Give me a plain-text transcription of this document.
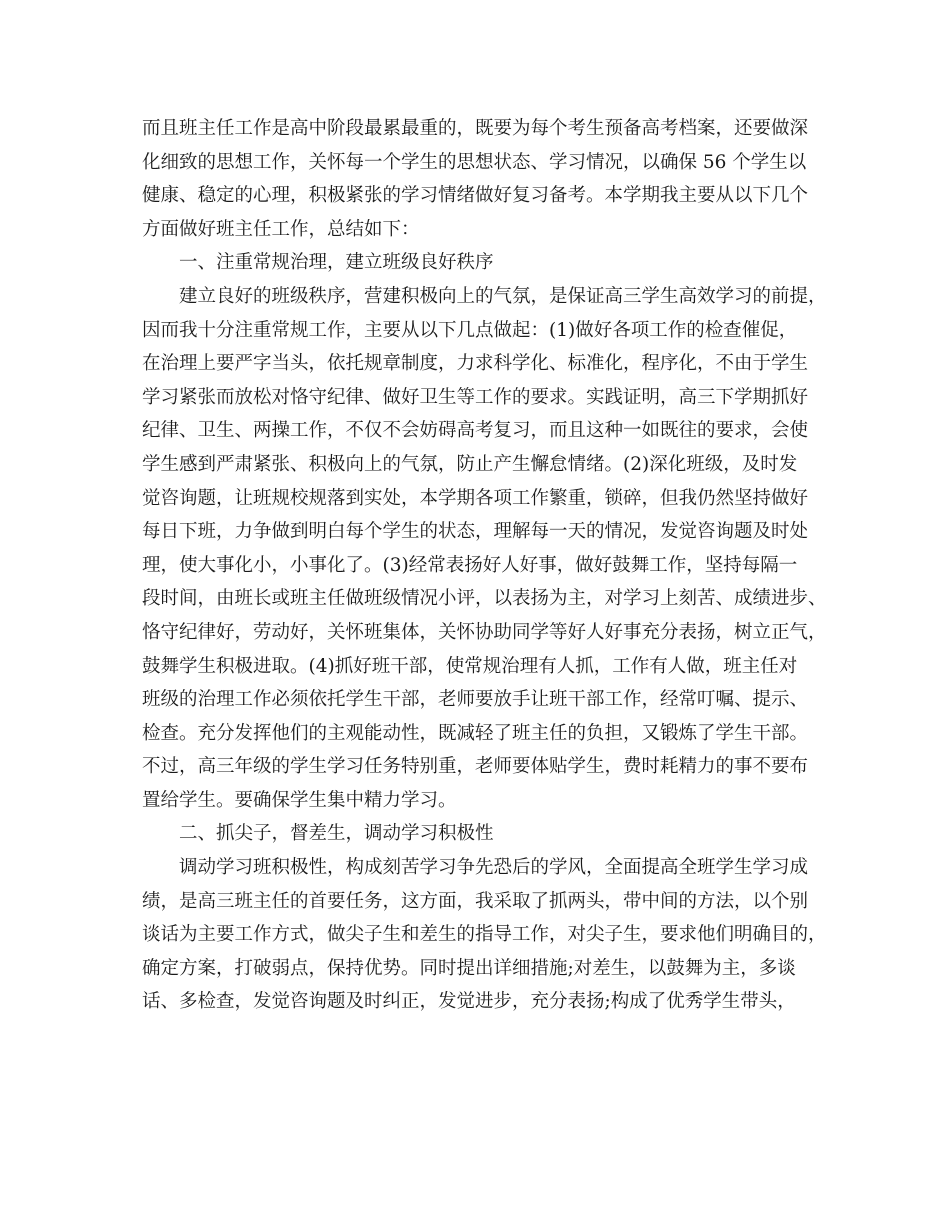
而且班主任工作是高中阶段最累最重的，既要为每个考生预备高考档案，还要做深
化细致的思想工作，关怀每一个学生的思想状态、学习情况，以确保 56 个学生以
健康、稳定的心理，积极紧张的学习情绪做好复习备考。本学期我主要从以下几个
方面做好班主任工作，总结如下：
一、注重常规治理，建立班级良好秩序
建立良好的班级秩序，营建积极向上的气氛，是保证高三学生高效学习的前提，
因而我十分注重常规工作，主要从以下几点做起：(1)做好各项工作的检查催促，
在治理上要严字当头，依托规章制度，力求科学化、标准化，程序化，不由于学生
学习紧张而放松对恪守纪律、做好卫生等工作的要求。实践证明，高三下学期抓好
纪律、卫生、两操工作，不仅不会妨碍高考复习，而且这种一如既往的要求，会使
学生感到严肃紧张、积极向上的气氛，防止产生懈怠情绪。(2)深化班级，及时发
觉咨询题，让班规校规落到实处，本学期各项工作繁重，锁碎，但我仍然坚持做好
每日下班，力争做到明白每个学生的状态，理解每一天的情况，发觉咨询题及时处
理，使大事化小，小事化了。(3)经常表扬好人好事，做好鼓舞工作，坚持每隔一
段时间，由班长或班主任做班级情况小评，以表扬为主，对学习上刻苦、成绩进步、
恪守纪律好，劳动好，关怀班集体，关怀协助同学等好人好事充分表扬，树立正气，
鼓舞学生积极进取。(4)抓好班干部，使常规治理有人抓，工作有人做，班主任对
班级的治理工作必须依托学生干部，老师要放手让班干部工作，经常叮嘱、提示、
检查。充分发挥他们的主观能动性，既减轻了班主任的负担，又锻炼了学生干部。
不过，高三年级的学生学习任务特别重，老师要体贴学生，费时耗精力的事不要布
置给学生。要确保学生集中精力学习。
二、抓尖子，督差生，调动学习积极性
调动学习班积极性，构成刻苦学习争先恐后的学风，全面提高全班学生学习成
绩，是高三班主任的首要任务，这方面，我采取了抓两头，带中间的方法，以个别
谈话为主要工作方式，做尖子生和差生的指导工作，对尖子生，要求他们明确目的，
确定方案，打破弱点，保持优势。同时提出详细措施;对差生，以鼓舞为主，多谈
话、多检查，发觉咨询题及时纠正，发觉进步，充分表扬;构成了优秀学生带头，
